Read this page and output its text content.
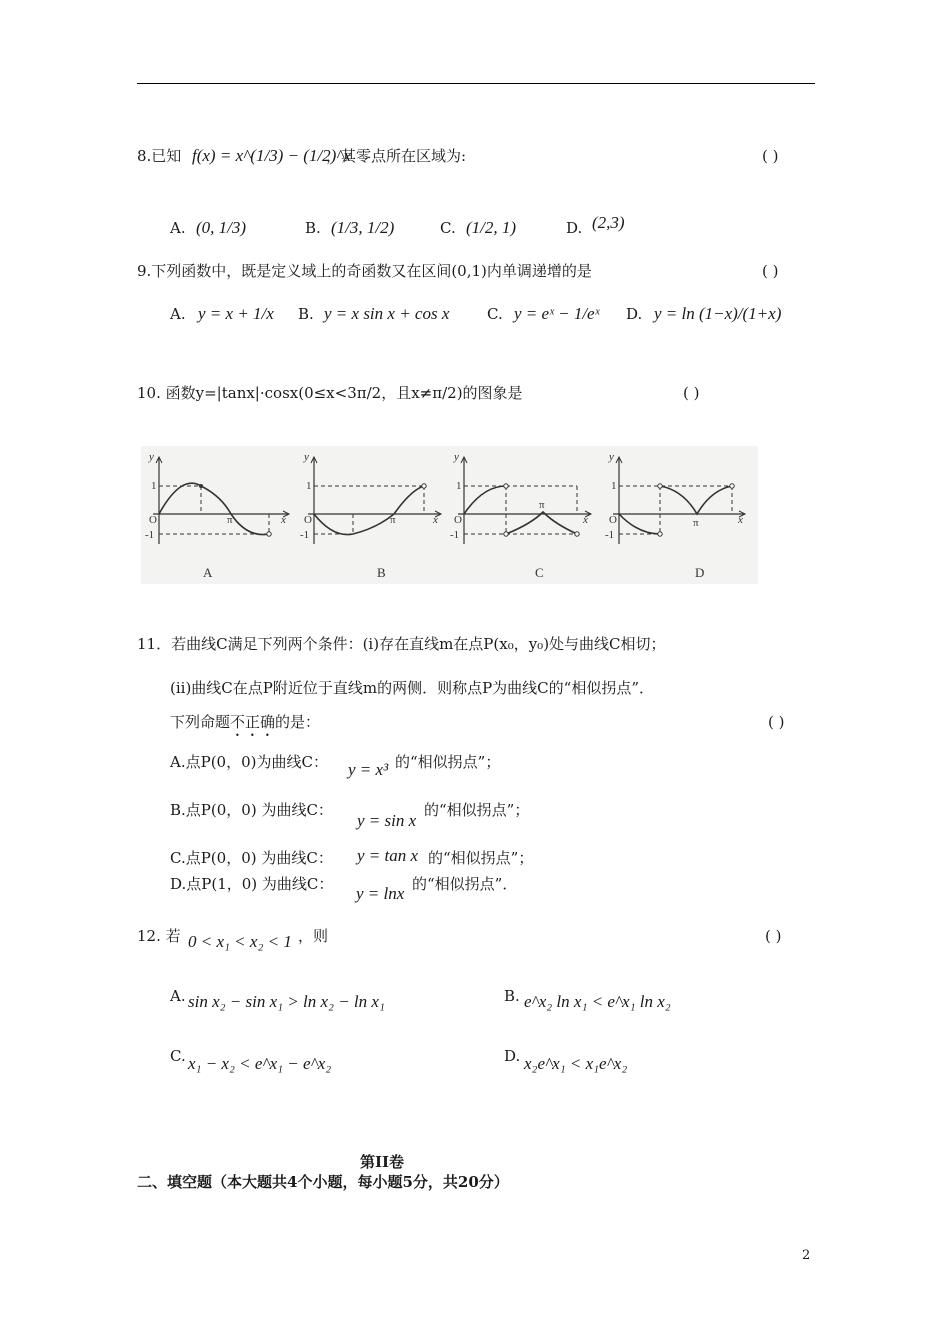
8.已知 f(x) = x^(1/3) − (1/2)^x
，其零点所在区域为:	( )
A. (0, 1/3)	B. (1/3, 1/2)	C. (1/2, 1)	D. (2,3)
9.下列函数中，既是定义域上的奇函数又在区间(0,1)内单调递增的是	( )
A. y = x + 1/x B. y = x sin x + cos x	C. y = eˣ − 1/eˣ D. y = ln (1−x)/(1+x)
10. 函数y=|tanx|·cosx(0≤x<3π/2，且x≠π/2)的图象是	( )
y
1
-1
O	π	x
A
y
1
-1
O	π	x
B
y
1
-1
O
π
x
C
y
1
-1
O	π	x
D
11．若曲线C满足下列两个条件：(i)存在直线m在点P(x₀，y₀)处与曲线C相切；
(ii)曲线C在点P附近位于直线m的两侧．则称点P为曲线C的“相似拐点”．
下列命题不正确的是：	( )
A.点P(0，0)为曲线C： y = x³ 的“相似拐点”；
B.点P(0，0) 为曲线C：
y = sin x
的“相似拐点”；
C.点P(0，0) 为曲线C： y = tan x 的“相似拐点”；
D.点P(1，0) 为曲线C： y = lnx 的“相似拐点”．
12. 若 0 < x₁ < x₂ < 1 ，则	( )
A. sin x₂ − sin x₁ > ln x₂ − ln x₁	B. e^x₂ ln x₁ < e^x₁ ln x₂
C. x₁ − x₂ < e^x₁ − e^x₂	D. x₂e^x₁ < x₁e^x₂
第II卷
二、填空题（本大题共4个小题，每小题5分，共20分）
2
